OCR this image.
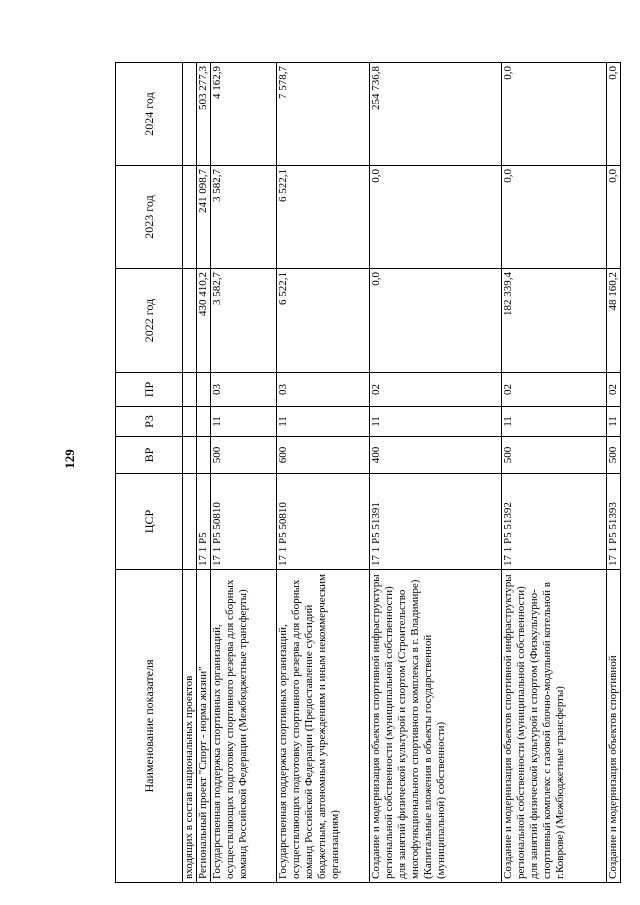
129
Наименование показателя	ЦСР	ВР	РЗ	ПР	2022 год	2023 год	2024 год
входящих в состав национальных проектов							
Региональный проект "Спорт - норма жизни"	17 1 P5				430 410,2	241 098,7	503 277,3
Государственная поддержка спортивных организаций, осуществляющих подготовку спортивного резерва для сборных команд Российской Федерации (Межбюджетные трансферты)	17 1 P5 50810	500	11	03	3 582,7	3 582,7	4 162,9
Государственная поддержка спортивных организаций, осуществляющих подготовку спортивного резерва для сборных команд Российской Федерации (Предоставление субсидий бюджетным, автономным учреждениям и иным некоммерческим организациям)	17 1 P5 50810	600	11	03	6 522,1	6 522,1	7 578,7
Создание и модернизация объектов спортивной инфраструктуры региональной собственности (муниципальной собственности) для занятий физической культурой и спортом (Строительство многофункционального спортивного комплекса в г. Владимире) (Капитальные вложения в объекты государственной (муниципальной) собственности)	17 1 P5 51391	400	11	02	0,0	0,0	254 736,8
Создание и модернизация объектов спортивной инфраструктуры региональной собственности (муниципальной собственности) для занятий физической культурой и спортом (Физкультурно-спортивный комплекс с газовой блочно-модульной котельной в г.Коврове) (Межбюджетные трансферты)	17 1 P5 51392	500	11	02	182 339,4	0,0	0,0
Создание и модернизация объектов спортивной	17 1 P5 51393	500	11	02	48 160,2	0,0	0,0
